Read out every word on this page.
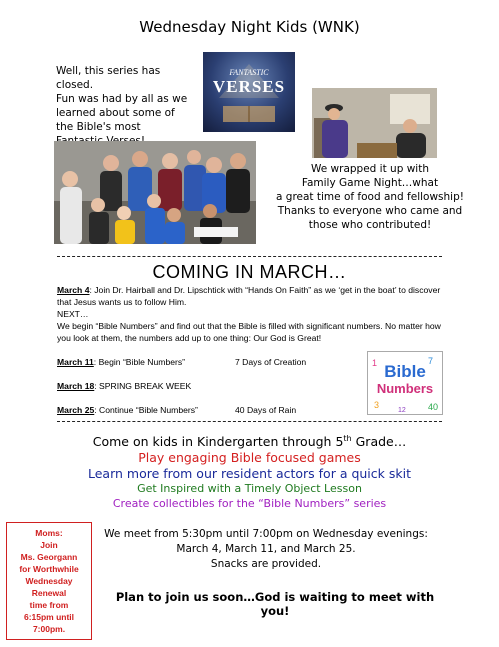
Wednesday Night Kids (WNK)
Well, this series has closed.
Fun was had by all as we
learned about some of
the Bible's most
FANTASTIC
VERSES
We wrapped it up with
Family Game Night…what
a great time of food and fellowship!
Thanks to everyone who came and
those who contributed!
COMING IN MARCH…
March 4: Join Dr. Hairball and Dr. Lipschtick with “Hands On Faith” as we ‘get in the boat’ to discover that Jesus wants us to follow Him.
NEXT…
We begin “Bible Numbers” and find out that the Bible is filled with significant numbers. No matter how you look at them, the numbers add up to one thing: Our God is Great!
March 11: Begin “Bible Numbers”	7 Days of Creation
March 18: SPRING BREAK WEEK
March 25: Continue “Bible Numbers”	40 Days of Rain
1	7
3	40
12
Bible
Numbers
Come on kids in Kindergarten through 5th Grade…
Play engaging Bible focused games
Learn more from our resident actors for a quick skit
Get Inspired with a Timely Object Lesson
Create collectibles for the “Bible Numbers” series
Moms:
Join
Ms. Georgann
for Worthwhile
Wednesday
Renewal
time from
6:15pm until
7:00pm.
We meet from 5:30pm until 7:00pm on Wednesday evenings:
March 4, March 11, and March 25.
Snacks are provided.
Plan to join us soon…God is waiting to meet with you!
